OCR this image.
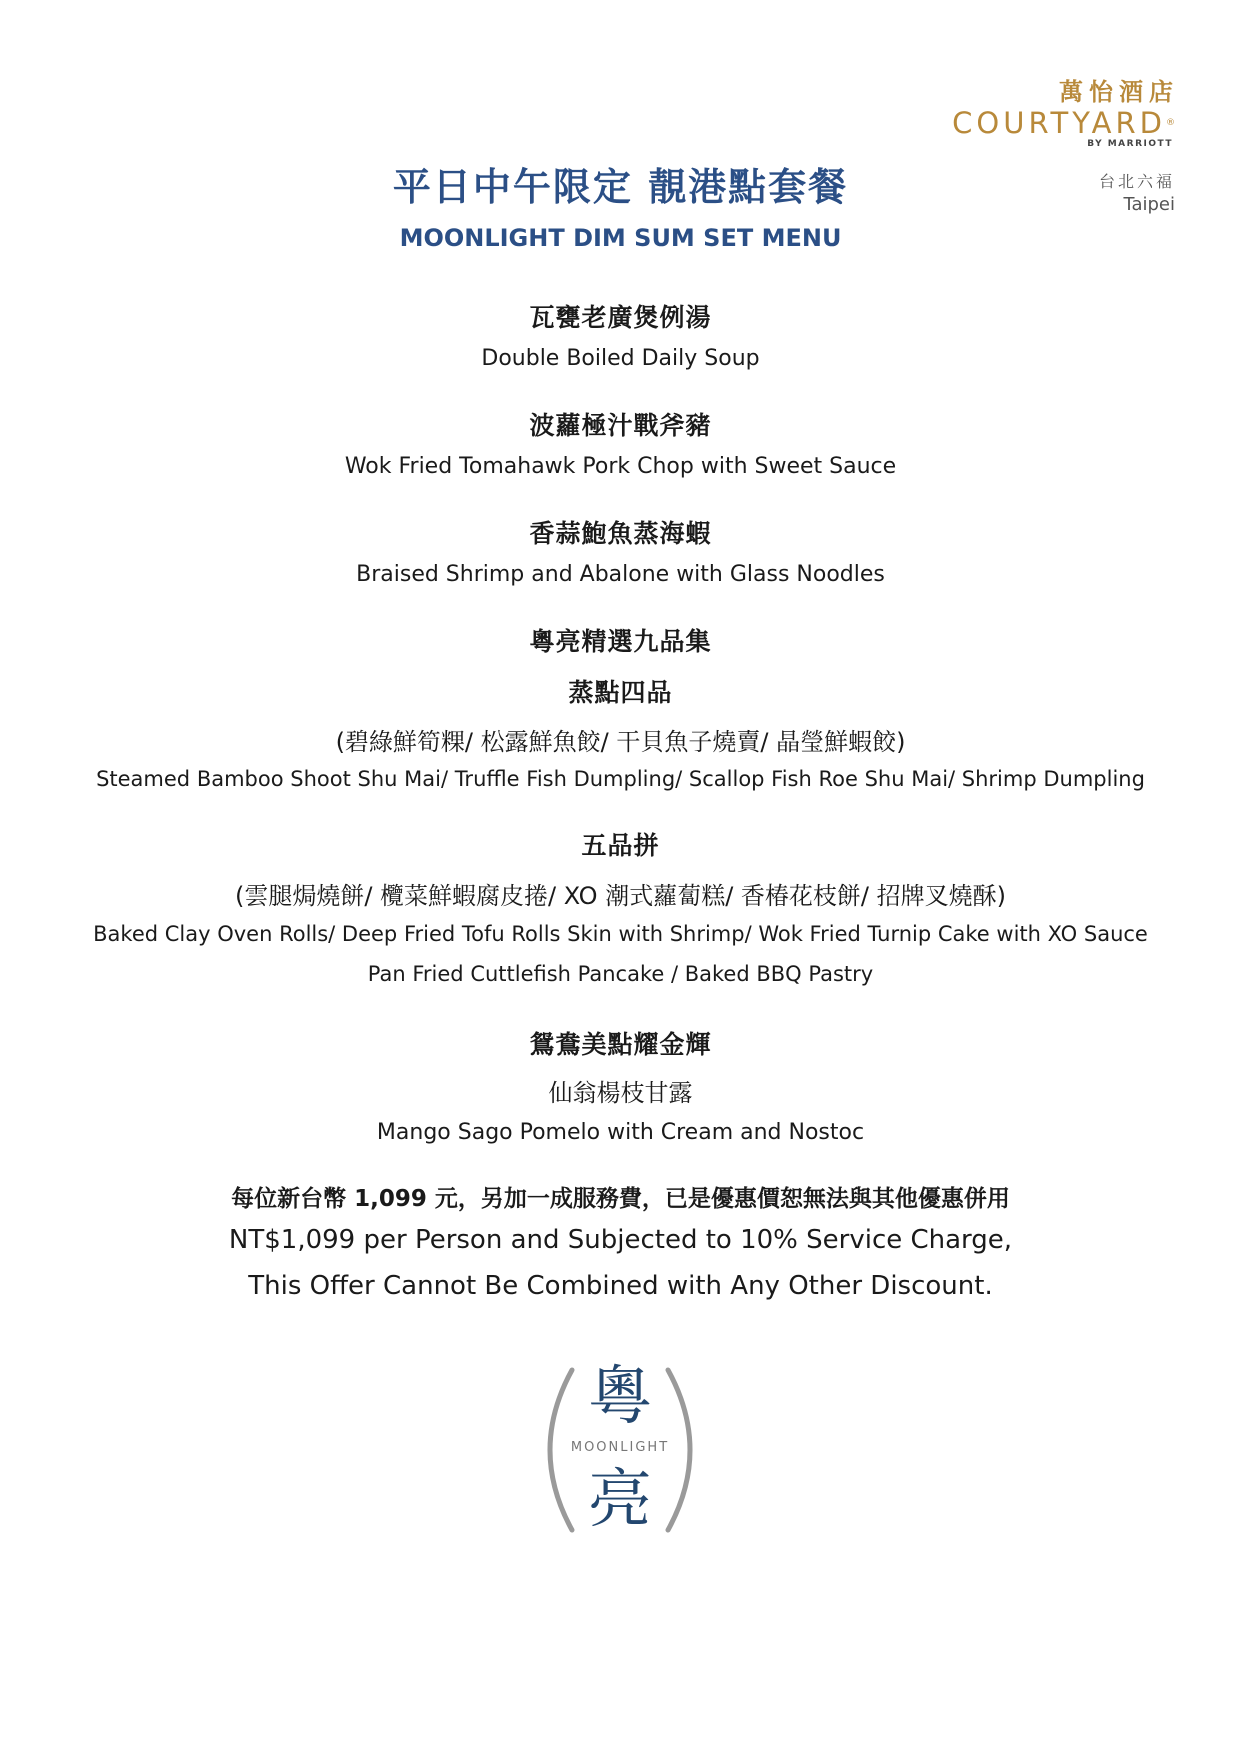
萬怡酒店
COURTYARD®
BY MARRIOTT
台北六福
Taipei
平日中午限定 靚港點套餐
MOONLIGHT DIM SUM SET MENU
瓦甕老廣煲例湯
Double Boiled Daily Soup
波蘿極汁戰斧豬
Wok Fried Tomahawk Pork Chop with Sweet Sauce
香蒜鮑魚蒸海蝦
Braised Shrimp and Abalone with Glass Noodles
粵亮精選九品集
蒸點四品
(碧綠鮮筍粿/ 松露鮮魚餃/ 干貝魚子燒賣/ 晶瑩鮮蝦餃)
Steamed Bamboo Shoot Shu Mai/ Truffle Fish Dumpling/ Scallop Fish Roe Shu Mai/ Shrimp Dumpling
五品拼
(雲腿焗燒餅/ 欖菜鮮蝦腐皮捲/ XO 潮式蘿蔔糕/ 香椿花枝餅/ 招牌叉燒酥)
Baked Clay Oven Rolls/ Deep Fried Tofu Rolls Skin with Shrimp/ Wok Fried Turnip Cake with XO Sauce
Pan Fried Cuttlefish Pancake / Baked BBQ Pastry
鴛鴦美點耀金輝
仙翁楊枝甘露
Mango Sago Pomelo with Cream and Nostoc
每位新台幣 1,099 元，另加一成服務費，已是優惠價恕無法與其他優惠併用
NT$1,099 per Person and Subjected to 10% Service Charge,
This Offer Cannot Be Combined with Any Other Discount.
粵
MOONLIGHT
亮
